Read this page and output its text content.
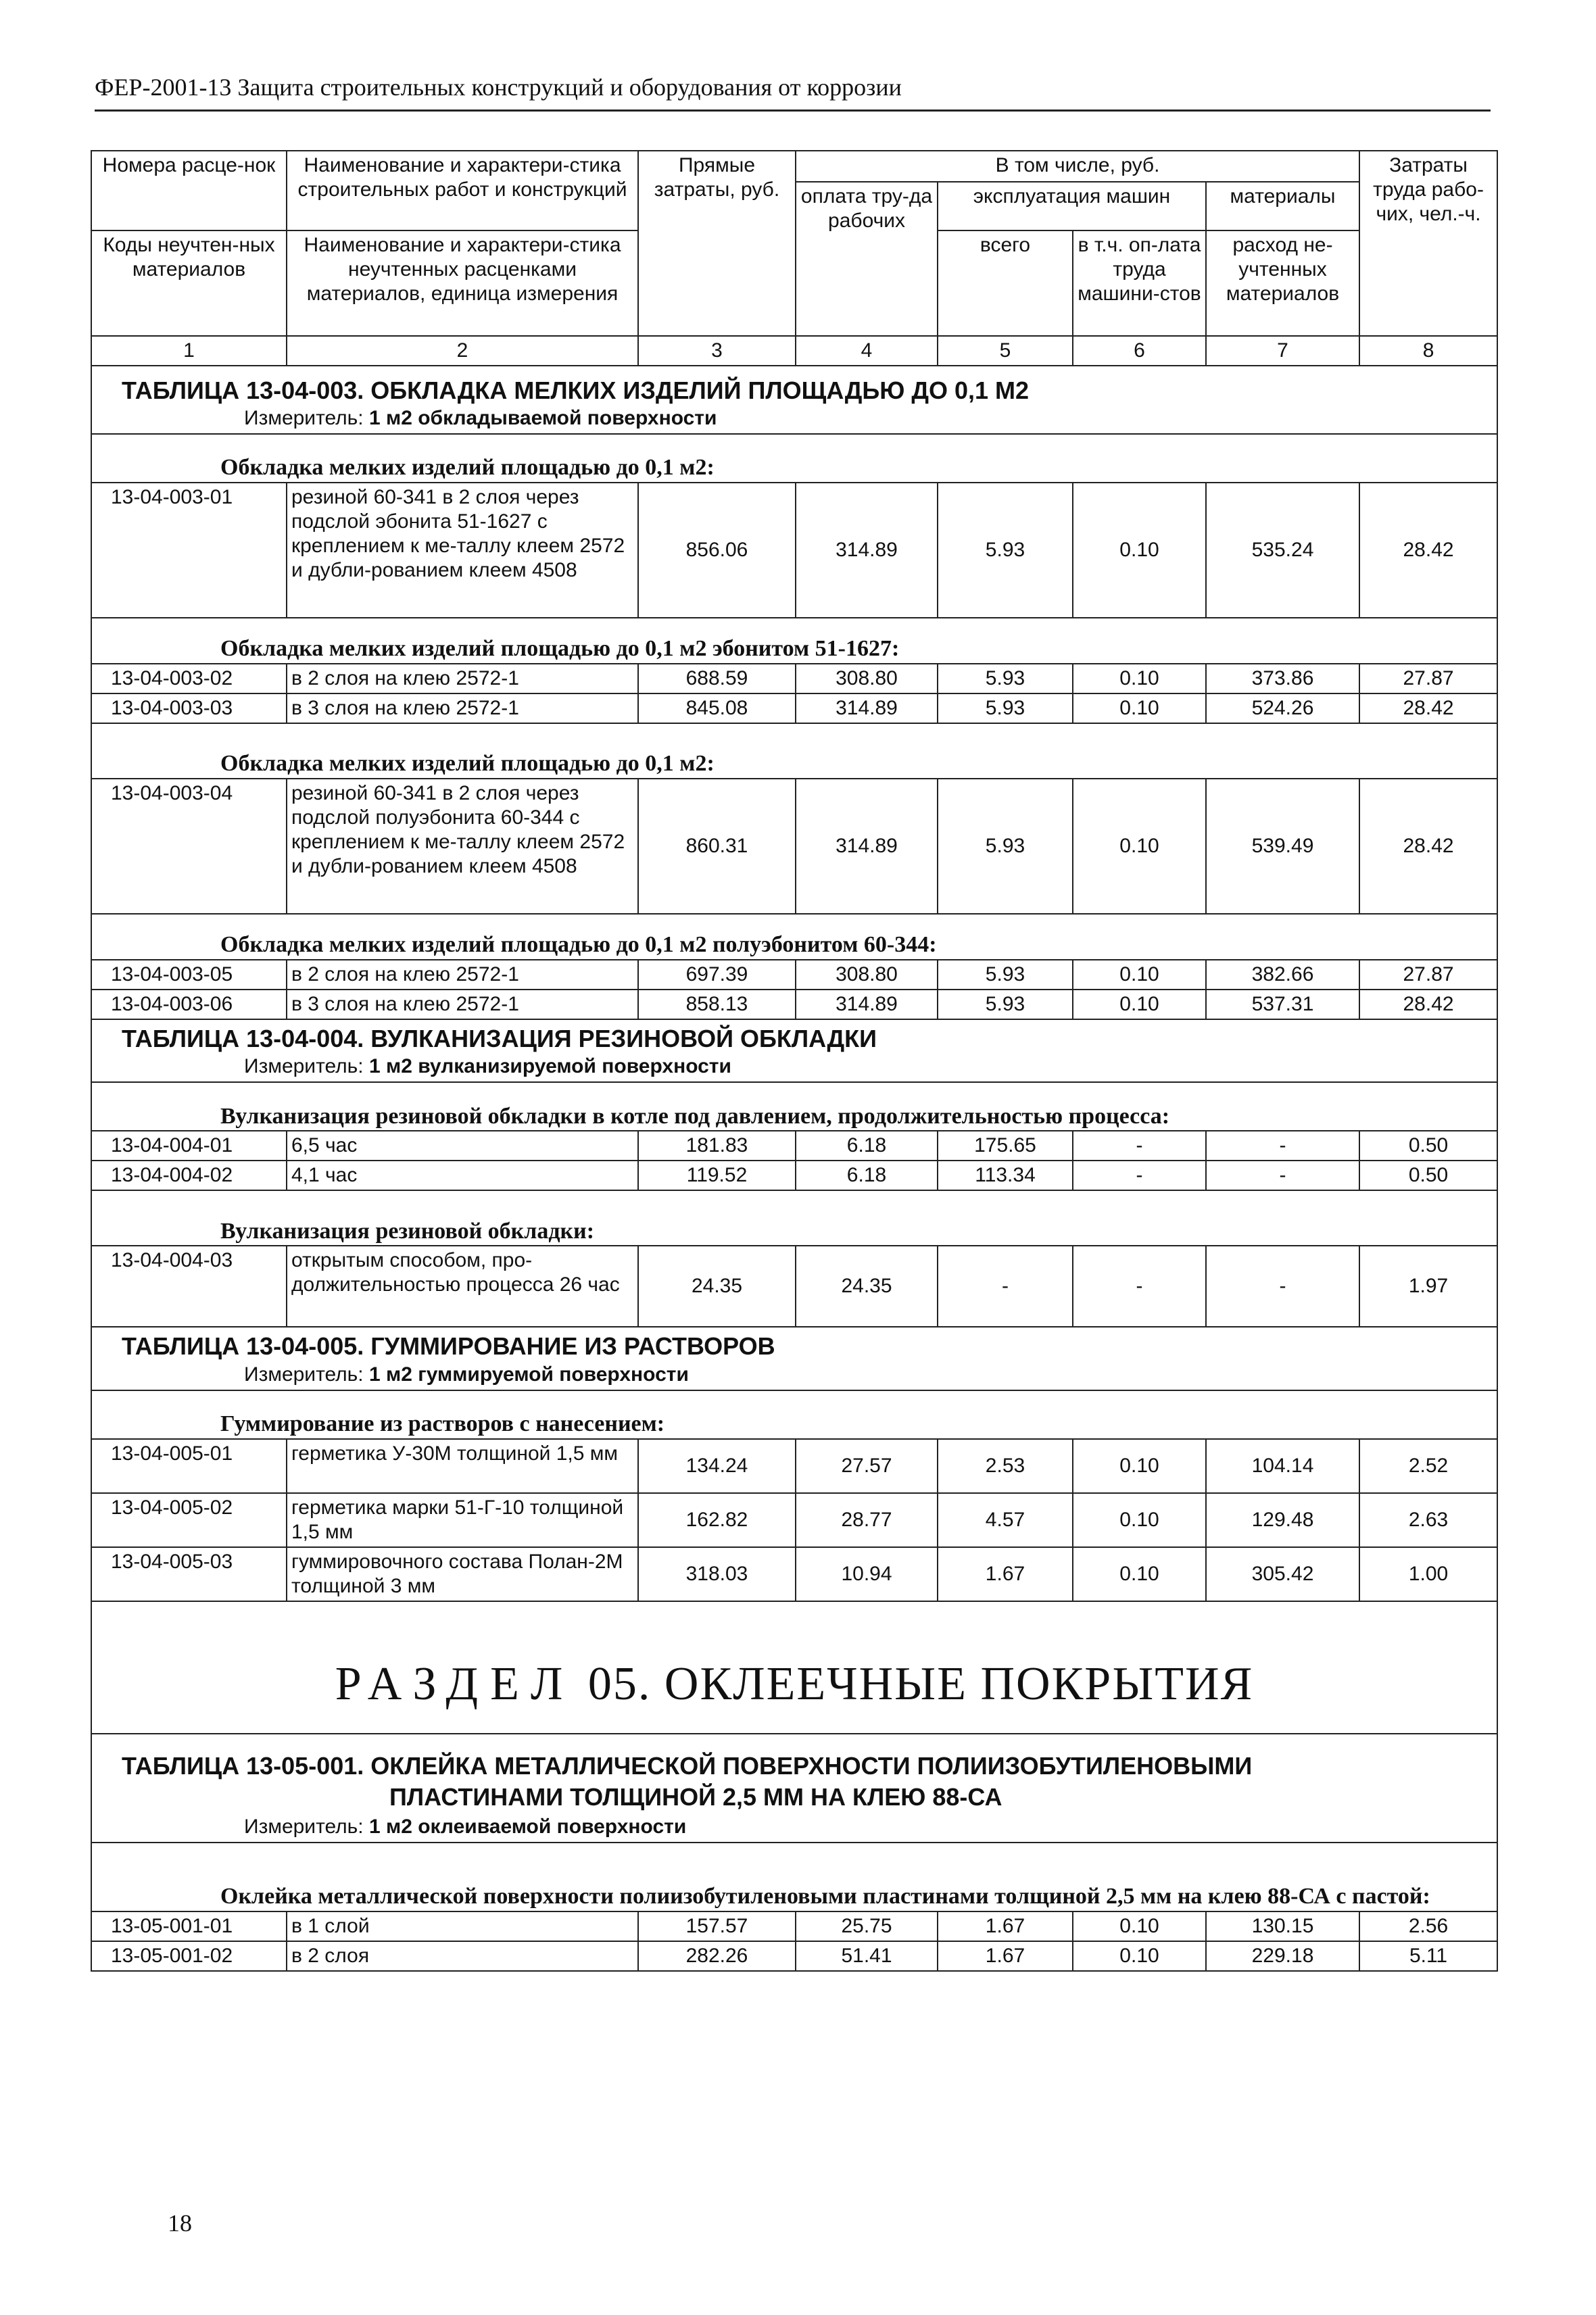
ФЕР-2001-13 Защита строительных конструкций и оборудования от коррозии
Номера расце-нок	Наименование и характери-стика строительных работ и конструкций	Прямые затраты, руб.	В том числе, руб.				Затраты труда рабо-чих, чел.-ч.
			оплата тру-да рабочих	эксплуатация машин		материалы	
Коды неучтен-ных материалов	Наименование и характери-стика неучтенных расценками материалов, единица измерения			всего	в т.ч. оп-лата труда машини-стов	расход не-учтенных материалов	

1	2	3	4	5	6	7	8
ТАБЛИЦА 13-04-003. ОБКЛАДКА МЕЛКИХ ИЗДЕЛИЙ ПЛОЩАДЬЮ ДО 0,1 М2							
Измеритель: 1 м2 обкладываемой поверхности							
Обкладка мелких изделий площадью до 0,1 м2:							
13-04-003-01	резиной 60-341 в 2 слоя через подслой эбонита 51-1627 с креплением к ме-таллу клеем 2572 и дубли-рованием клеем 4508	856.06	314.89	5.93	0.10	535.24	28.42
Обкладка мелких изделий площадью до 0,1 м2 эбонитом 51-1627:							
13-04-003-02	в 2 слоя на клею 2572-1	688.59	308.80	5.93	0.10	373.86	27.87
13-04-003-03	в 3 слоя на клею 2572-1	845.08	314.89	5.93	0.10	524.26	28.42
Обкладка мелких изделий площадью до 0,1 м2:							
13-04-003-04	резиной 60-341 в 2 слоя через подслой полуэбонита 60-344 с креплением к ме-таллу клеем 2572 и дубли-рованием клеем 4508	860.31	314.89	5.93	0.10	539.49	28.42
Обкладка мелких изделий площадью до 0,1 м2 полуэбонитом 60-344:							
13-04-003-05	в 2 слоя на клею 2572-1	697.39	308.80	5.93	0.10	382.66	27.87
13-04-003-06	в 3 слоя на клею 2572-1	858.13	314.89	5.93	0.10	537.31	28.42
ТАБЛИЦА 13-04-004. ВУЛКАНИЗАЦИЯ РЕЗИНОВОЙ ОБКЛАДКИ							
Измеритель: 1 м2 вулканизируемой поверхности							
Вулканизация резиновой обкладки в котле под давлением, продолжительностью процесса:							
13-04-004-01	6,5 час	181.83	6.18	175.65	-	-	0.50
13-04-004-02	4,1 час	119.52	6.18	113.34	-	-	0.50
Вулканизация резиновой обкладки:							
13-04-004-03	открытым способом, про-должительностью процесса 26 час	24.35	24.35	-	-	-	1.97
ТАБЛИЦА 13-04-005. ГУММИРОВАНИЕ ИЗ РАСТВОРОВ							
Измеритель: 1 м2 гуммируемой поверхности							
Гуммирование из растворов с нанесением:							
13-04-005-01	герметика У-30М толщиной 1,5 мм	134.24	27.57	2.53	0.10	104.14	2.52
13-04-005-02	герметика марки 51-Г-10 толщиной 1,5 мм	162.82	28.77	4.57	0.10	129.48	2.63
13-04-005-03	гуммировочного состава Полан-2М толщиной 3 мм	318.03	10.94	1.67	0.10	305.42	1.00
РАЗДЕЛ 05. ОКЛЕЕЧНЫЕ ПОКРЫТИЯ							
ТАБЛИЦА 13-05-001. ОКЛЕЙКА МЕТАЛЛИЧЕСКОЙ ПОВЕРХНОСТИ ПОЛИИЗОБУТИЛЕНОВЫМИ
ПЛАСТИНАМИ ТОЛЩИНОЙ 2,5 ММ НА КЛЕЮ 88-СА							
Измеритель: 1 м2 оклеиваемой поверхности							
Оклейка металлической поверхности полиизобутиленовыми пластинами толщиной 2,5 мм на клею 88-СА с пастой:							
13-05-001-01	в 1 слой	157.57	25.75	1.67	0.10	130.15	2.56
13-05-001-02	в 2 слоя	282.26	51.41	1.67	0.10	229.18	5.11
18
